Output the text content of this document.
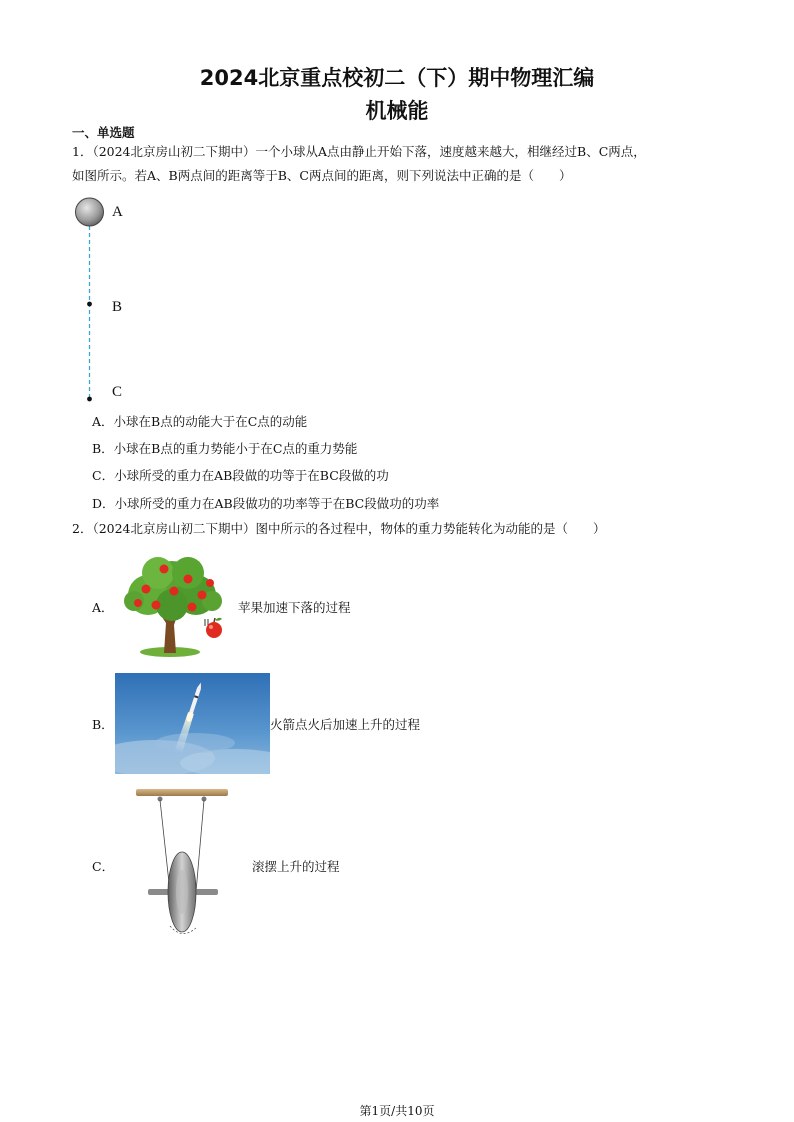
2024北京重点校初二（下）期中物理汇编
机械能
一、单选题
1．（2024北京房山初二下期中）一个小球从A点由静止开始下落，速度越来越大，相继经过B、C两点，
如图所示。若A、B两点间的距离等于B、C两点间的距离，则下列说法中正确的是（　　）
A
B
C
A．小球在B点的动能大于在C点的动能
B．小球在B点的重力势能小于在C点的重力势能
C．小球所受的重力在AB段做的功等于在BC段做的功
D．小球所受的重力在AB段做功的功率等于在BC段做功的功率
2．（2024北京房山初二下期中）图中所示的各过程中，物体的重力势能转化为动能的是（　　）
A．	苹果加速下落的过程
B．	火箭点火后加速上升的过程
C．	滚摆上升的过程
第1页/共10页
